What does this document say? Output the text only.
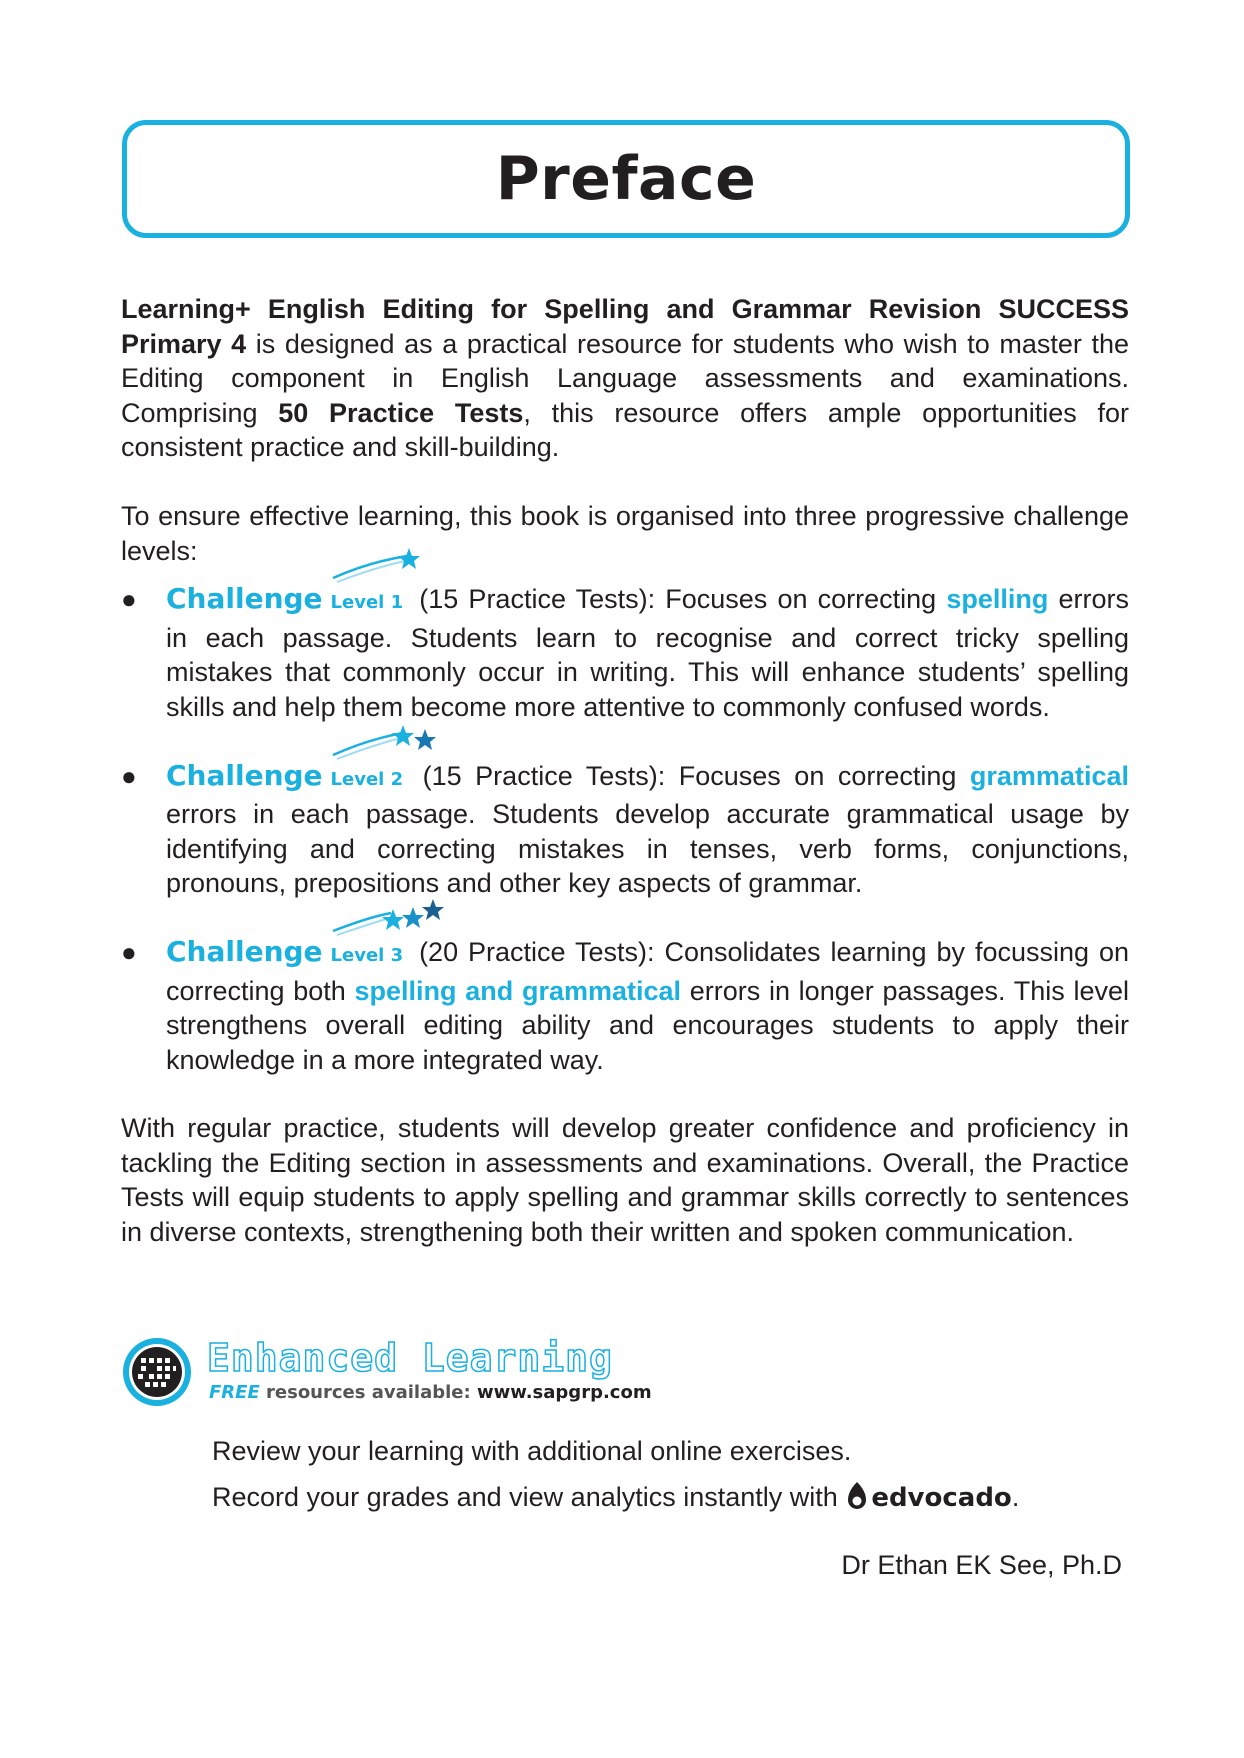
Preface

Learning+ English Editing for Spelling and Grammar Revision SUCCESS Primary 4 is designed as a practical resource for students who wish to master the Editing component in English Language assessments and examinations. Comprising 50 Practice Tests, this resource offers ample opportunities for consistent practice and skill-building.

To ensure effective learning, this book is organised into three progressive challenge levels:

● Challenge Level 1 (15 Practice Tests): Focuses on correcting spelling errors in each passage. Students learn to recognise and correct tricky spelling mistakes that commonly occur in writing. This will enhance students’ spelling skills and help them become more attentive to commonly confused words.
● Challenge Level 2 (15 Practice Tests): Focuses on correcting grammatical errors in each passage. Students develop accurate grammatical usage by identifying and correcting mistakes in tenses, verb forms, conjunctions, pronouns, prepositions and other key aspects of grammar.
● Challenge Level 3 (20 Practice Tests): Consolidates learning by focussing on correcting both spelling and grammatical errors in longer passages. This level strengthens overall editing ability and encourages students to apply their knowledge in a more integrated way.

With regular practice, students will develop greater confidence and proficiency in tackling the Editing section in assessments and examinations. Overall, the Practice Tests will equip students to apply spelling and grammar skills correctly to sentences in diverse contexts, strengthening both their written and spoken communication.

Enhanced Learning
FREE resources available: www.sapgrp.com
Review your learning with additional online exercises.
Record your grades and view analytics instantly with edvocado.
Dr Ethan EK See, Ph.D
